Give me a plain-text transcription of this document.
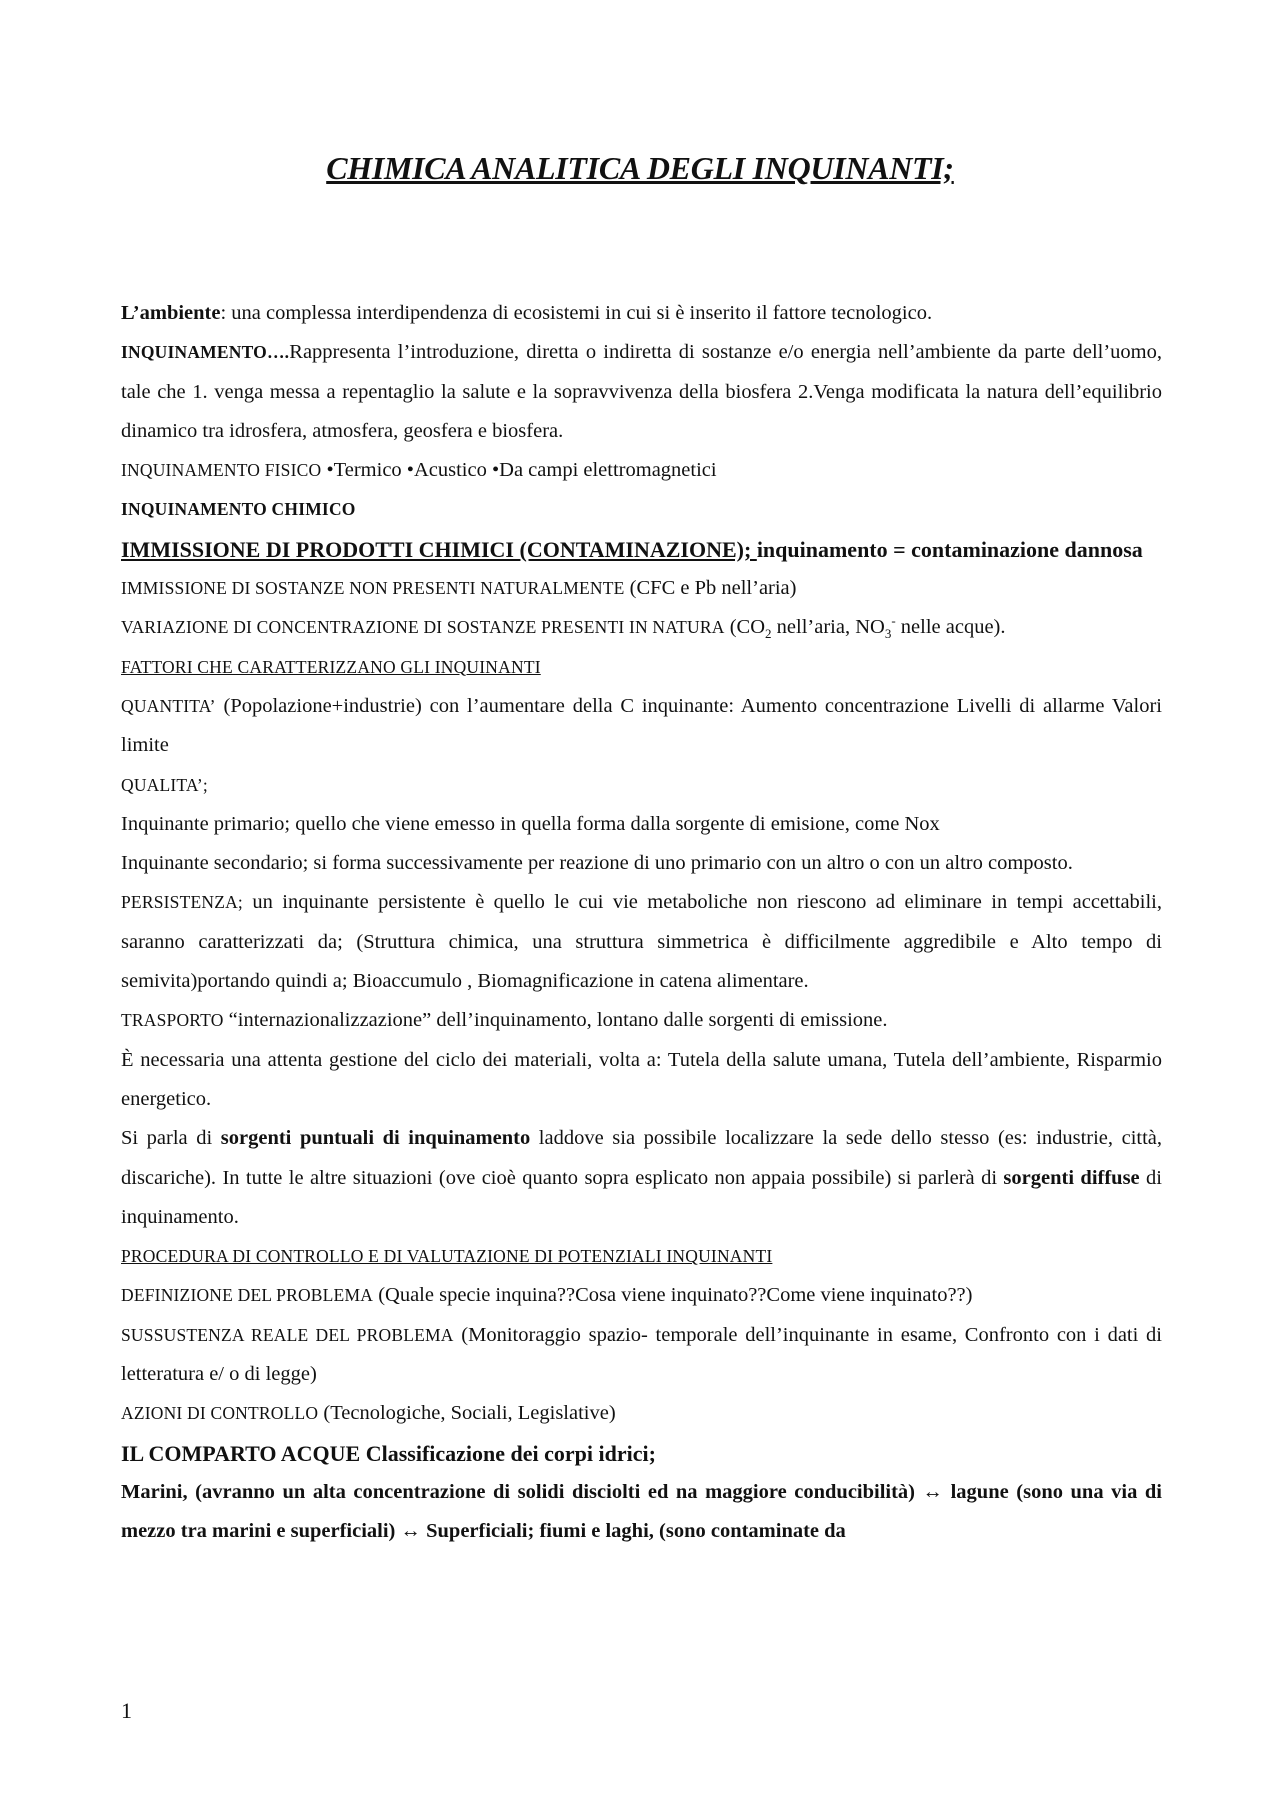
CHIMICA ANALITICA DEGLI INQUINANTI;

L’ambiente: una complessa interdipendenza di ecosistemi in cui si è inserito il fattore tecnologico.

INQUINAMENTO….Rappresenta l’introduzione, diretta o indiretta di sostanze e/o energia nell’ambiente da parte dell’uomo, tale che 1. venga messa a repentaglio la salute e la sopravvivenza della biosfera 2.Venga modificata la natura dell’equilibrio dinamico tra idrosfera, atmosfera, geosfera e biosfera.

INQUINAMENTO FISICO •Termico •Acustico •Da campi elettromagnetici

INQUINAMENTO CHIMICO

IMMISSIONE DI PRODOTTI CHIMICI (CONTAMINAZIONE); inquinamento = contaminazione dannosa

IMMISSIONE DI SOSTANZE NON PRESENTI NATURALMENTE (CFC e Pb nell’aria)

VARIAZIONE DI CONCENTRAZIONE DI SOSTANZE PRESENTI IN NATURA ($CO_2$ nell’aria, $NO_3^-$ nelle acque).

FATTORI CHE CARATTERIZZANO GLI INQUINANTI

QUANTITA’ (Popolazione+industrie) con l’aumentare della C inquinante: Aumento concentrazione Livelli di allarme Valori limite

QUALITA’;

Inquinante primario; quello che viene emesso in quella forma dalla sorgente di emisione, come Nox

Inquinante secondario; si forma successivamente per reazione di uno primario con un altro o con un altro composto.

PERSISTENZA; un inquinante persistente è quello le cui vie metaboliche non riescono ad eliminare in tempi accettabili, saranno caratterizzati da; (Struttura chimica, una struttura simmetrica è difficilmente aggredibile e Alto tempo di semivita)portando quindi a; Bioaccumulo , Biomagnificazione in catena alimentare.

TRASPORTO “internazionalizzazione” dell’inquinamento, lontano dalle sorgenti di emissione.

È necessaria una attenta gestione del ciclo dei materiali, volta a: Tutela della salute umana, Tutela dell’ambiente, Risparmio energetico.

Si parla di sorgenti puntuali di inquinamento laddove sia possibile localizzare la sede dello stesso (es: industrie, città, discariche). In tutte le altre situazioni (ove cioè quanto sopra esplicato non appaia possibile) si parlerà di sorgenti diffuse di inquinamento.

PROCEDURA DI CONTROLLO E DI VALUTAZIONE DI POTENZIALI INQUINANTI

DEFINIZIONE DEL PROBLEMA (Quale specie inquina??Cosa viene inquinato??Come viene inquinato??)

SUSSUSTENZA REALE DEL PROBLEMA (Monitoraggio spazio- temporale dell’inquinante in esame, Confronto con i dati di letteratura e/ o di legge)

AZIONI DI CONTROLLO (Tecnologiche, Sociali, Legislative)

IL COMPARTO ACQUE Classificazione dei corpi idrici;

Marini, (avranno un alta concentrazione di solidi disciolti ed na maggiore conducibilità) ↔ lagune (sono una via di mezzo tra marini e superficiali) ↔ Superficiali; fiumi e laghi, (sono contaminate da

1
